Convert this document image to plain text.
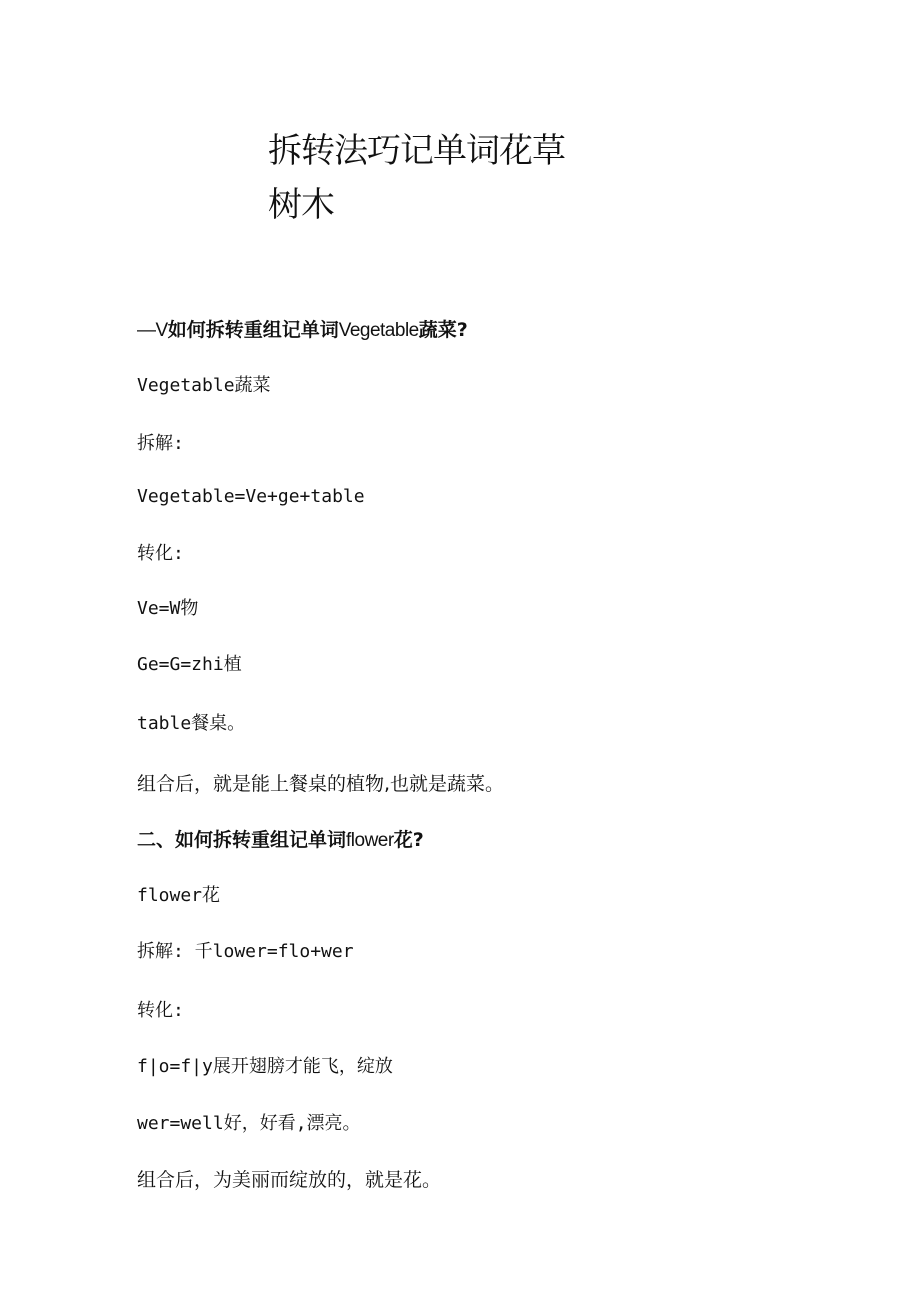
拆转法巧记单词花草
树木

—V如何拆转重组记单词Vegetable蔬菜?

Vegetable蔬菜

拆解:

Vegetable=Ve+ge+table

转化:

Ve=W物

Ge=G=zhi植

table餐桌。

组合后，就是能上餐桌的植物,也就是蔬菜。

二、如何拆转重组记单词flower花?

flower花

拆解: 千lower=flo+wer

转化:

f|o=f|y展开翅膀才能飞，绽放

wer=well好，好看,漂亮。

组合后，为美丽而绽放的，就是花。
